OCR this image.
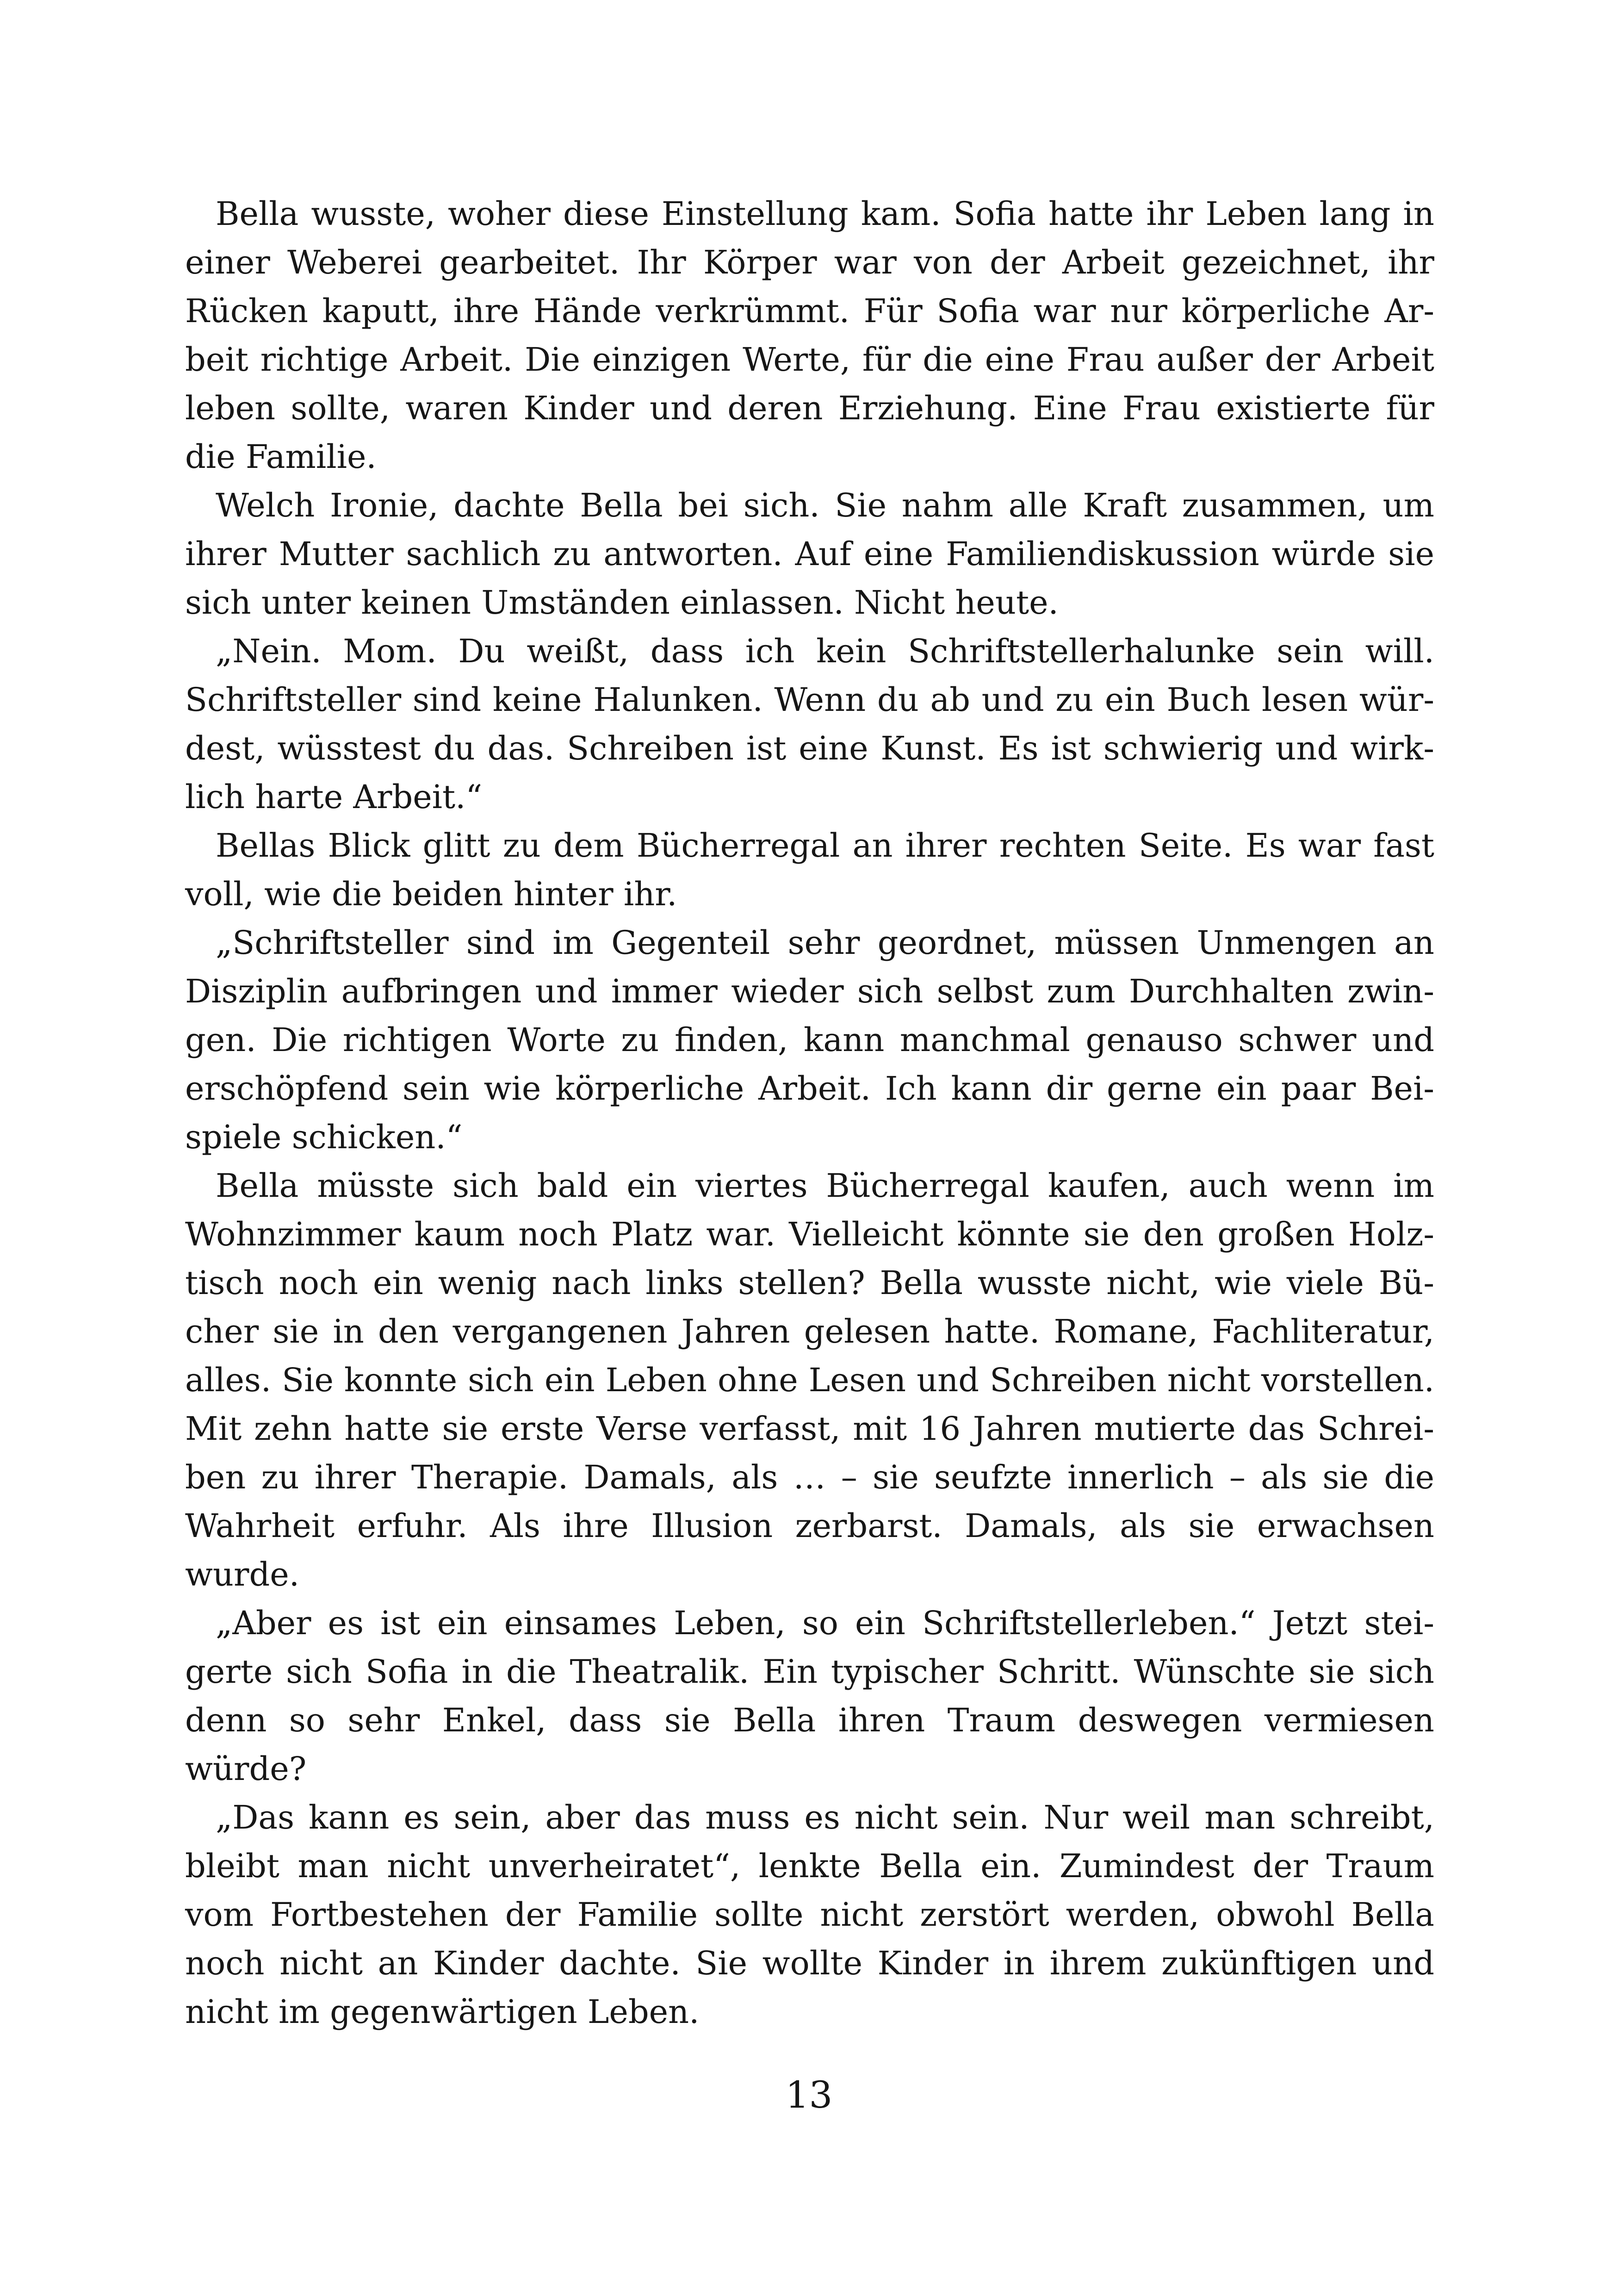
Bella wusste, woher diese Einstellung kam. Sofia hatte ihr Leben lang in einer Weberei gearbeitet. Ihr Körper war von der Arbeit gezeichnet, ihr Rücken kaputt, ihre Hände verkrümmt. Für Sofia war nur körperliche Arbeit richtige Arbeit. Die einzigen Werte, für die eine Frau außer der Arbeit leben sollte, waren Kinder und deren Erziehung. Eine Frau existierte für die Familie.

Welch Ironie, dachte Bella bei sich. Sie nahm alle Kraft zusammen, um ihrer Mutter sachlich zu antworten. Auf eine Familiendiskussion würde sie sich unter keinen Umständen einlassen. Nicht heute.

„Nein. Mom. Du weißt, dass ich kein Schriftstellerhalunke sein will. Schriftsteller sind keine Halunken. Wenn du ab und zu ein Buch lesen würdest, wüsstest du das. Schreiben ist eine Kunst. Es ist schwierig und wirklich harte Arbeit.“

Bellas Blick glitt zu dem Bücherregal an ihrer rechten Seite. Es war fast voll, wie die beiden hinter ihr.

„Schriftsteller sind im Gegenteil sehr geordnet, müssen Unmengen an Disziplin aufbringen und immer wieder sich selbst zum Durchhalten zwingen. Die richtigen Worte zu finden, kann manchmal genauso schwer und erschöpfend sein wie körperliche Arbeit. Ich kann dir gerne ein paar Beispiele schicken.“

Bella müsste sich bald ein viertes Bücherregal kaufen, auch wenn im Wohnzimmer kaum noch Platz war. Vielleicht könnte sie den großen Holztisch noch ein wenig nach links stellen? Bella wusste nicht, wie viele Bücher sie in den vergangenen Jahren gelesen hatte. Romane, Fachliteratur, alles. Sie konnte sich ein Leben ohne Lesen und Schreiben nicht vorstellen. Mit zehn hatte sie erste Verse verfasst, mit 16 Jahren mutierte das Schreiben zu ihrer Therapie. Damals, als … – sie seufzte innerlich – als sie die Wahrheit erfuhr. Als ihre Illusion zerbarst. Damals, als sie erwachsen wurde.

„Aber es ist ein einsames Leben, so ein Schriftstellerleben.“ Jetzt steigerte sich Sofia in die Theatralik. Ein typischer Schritt. Wünschte sie sich denn so sehr Enkel, dass sie Bella ihren Traum deswegen vermiesen würde?

„Das kann es sein, aber das muss es nicht sein. Nur weil man schreibt, bleibt man nicht unverheiratet“, lenkte Bella ein. Zumindest der Traum vom Fortbestehen der Familie sollte nicht zerstört werden, obwohl Bella noch nicht an Kinder dachte. Sie wollte Kinder in ihrem zukünftigen und nicht im gegenwärtigen Leben.

13
